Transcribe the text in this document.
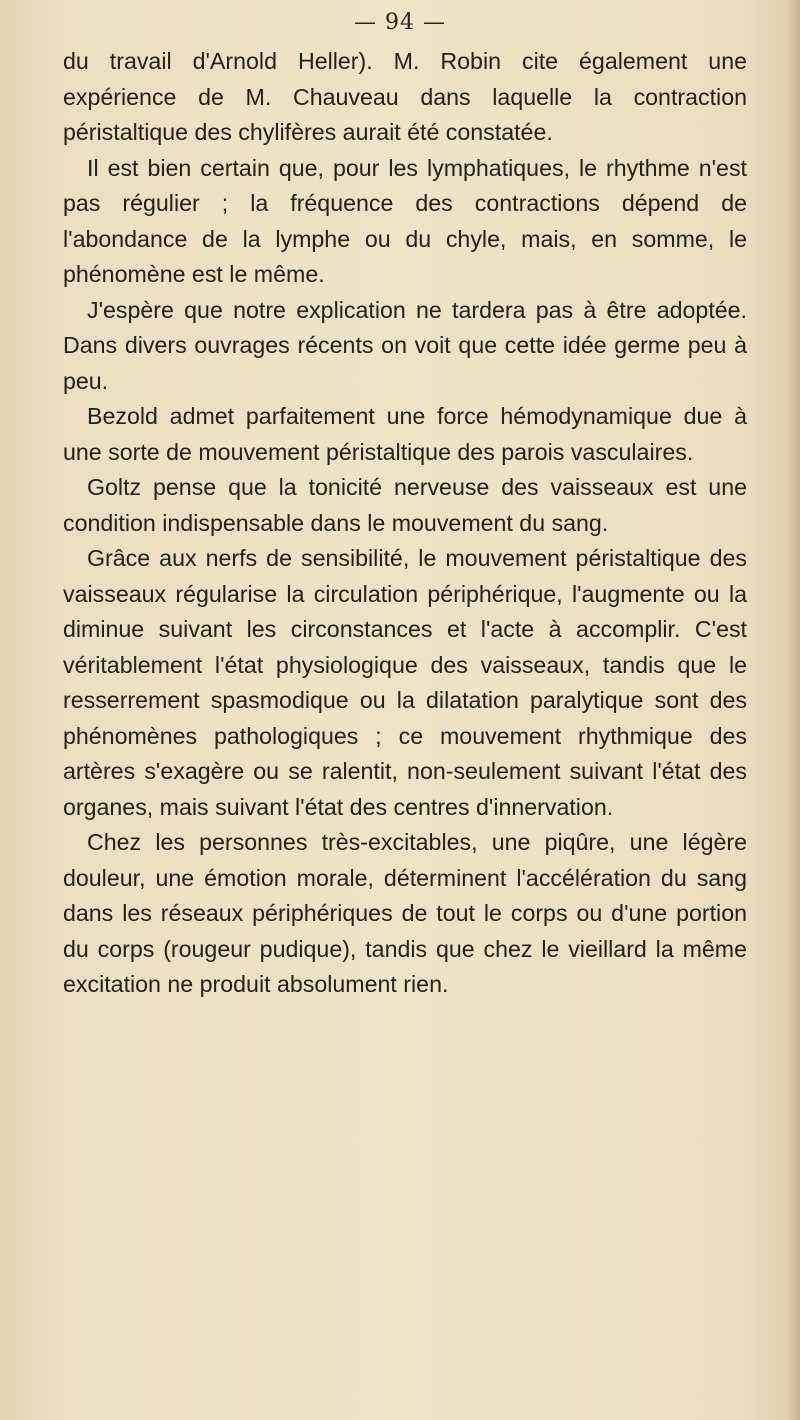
— 94 —

du travail d'Arnold Heller). M. Robin cite également une expérience de M. Chauveau dans laquelle la contraction péristaltique des chylifères aurait été constatée.

Il est bien certain que, pour les lymphatiques, le rhythme n'est pas régulier ; la fréquence des contractions dépend de l'abondance de la lymphe ou du chyle, mais, en somme, le phénomène est le même.

J'espère que notre explication ne tardera pas à être adoptée. Dans divers ouvrages récents on voit que cette idée germe peu à peu.

Bezold admet parfaitement une force hémodynamique due à une sorte de mouvement péristaltique des parois vasculaires.

Goltz pense que la tonicité nerveuse des vaisseaux est une condition indispensable dans le mouvement du sang.

Grâce aux nerfs de sensibilité, le mouvement péristaltique des vaisseaux régularise la circulation périphérique, l'augmente ou la diminue suivant les circonstances et l'acte à accomplir. C'est véritablement l'état physiologique des vaisseaux, tandis que le resserrement spasmodique ou la dilatation paralytique sont des phénomènes pathologiques ; ce mouvement rhythmique des artères s'exagère ou se ralentit, non-seulement suivant l'état des organes, mais suivant l'état des centres d'innervation.

Chez les personnes très-excitables, une piqûre, une légère douleur, une émotion morale, déterminent l'accélération du sang dans les réseaux périphériques de tout le corps ou d'une portion du corps (rougeur pudique), tandis que chez le vieillard la même excitation ne produit absolument rien.
